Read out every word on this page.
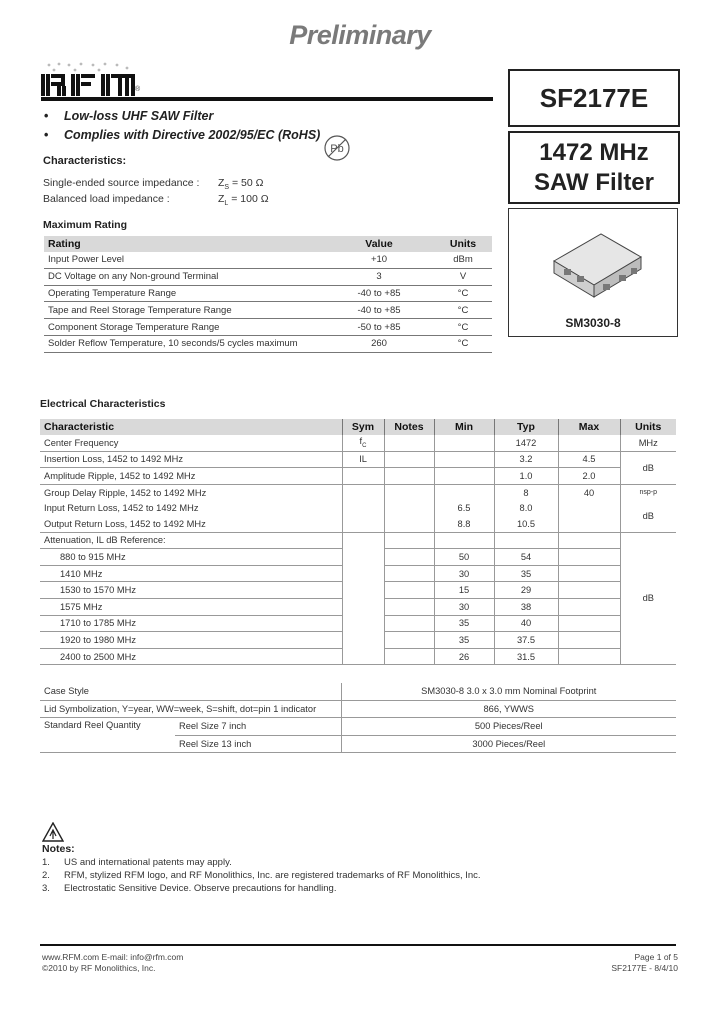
Preliminary
®
• Low-loss UHF SAW Filter
• Complies with Directive 2002/95/EC (RoHS)
Pb
SF2177E
1472 MHz
SAW Filter
SM3030-8
Characteristics:
Single-ended source impedance : $Z_S = 50$ Ω
Balanced load impedance :	$Z_L = 100$ Ω
Maximum Rating
Rating	Value	Units
Input Power Level	+10	dBm
DC Voltage on any Non-ground Terminal	3	V
Operating Temperature Range	-40 to +85	°C
Tape and Reel Storage Temperature Range	-40 to +85	°C
Component Storage Temperature Range	-50 to +85	°C
Solder Reflow Temperature, 10 seconds/5 cycles maximum	260	°C
Electrical Characteristics
Characteristic	Sym	Notes	Min	Typ	Max	Units
Center Frequency	$f_C$			1472		MHz
Insertion Loss, 1452 to 1492 MHz	IL			3.2	4.5	dB
Amplitude Ripple, 1452 to 1492 MHz				1.0	2.0	
Group Delay Ripple, 1452 to 1492 MHz				8	40	nsp-p
Input Return Loss, 1452 to 1492 MHz			6.5	8.0		dB
Output Return Loss, 1452 to 1492 MHz			8.8	10.5		
Attenuation, IL dB Reference:						dB
880 to 915 MHz			50	54		
1410 MHz			30	35		
1530 to 1570 MHz			15	29		
1575 MHz			30	38		
1710 to 1785 MHz			35	40		
1920 to 1980 MHz			35	37.5		
2400 to 2500 MHz			26	31.5		
Case Style		SM3030-8 3.0 x 3.0 mm Nominal Footprint
Lid Symbolization, Y=year, WW=week, S=shift, dot=pin 1 indicator		866, YWWS
Standard Reel Quantity	Reel Size 7 inch	500 Pieces/Reel
	Reel Size 13 inch	3000 Pieces/Reel
Notes:
1. US and international patents may apply.
2. RFM, stylized RFM logo, and RF Monolithics, Inc. are registered trademarks of RF Monolithics, Inc.
3. Electrostatic Sensitive Device. Observe precautions for handling.
www.RFM.com E-mail: info@rfm.com
©2010 by RF Monolithics, Inc.
Page 1 of 5
SF2177E - 8/4/10
